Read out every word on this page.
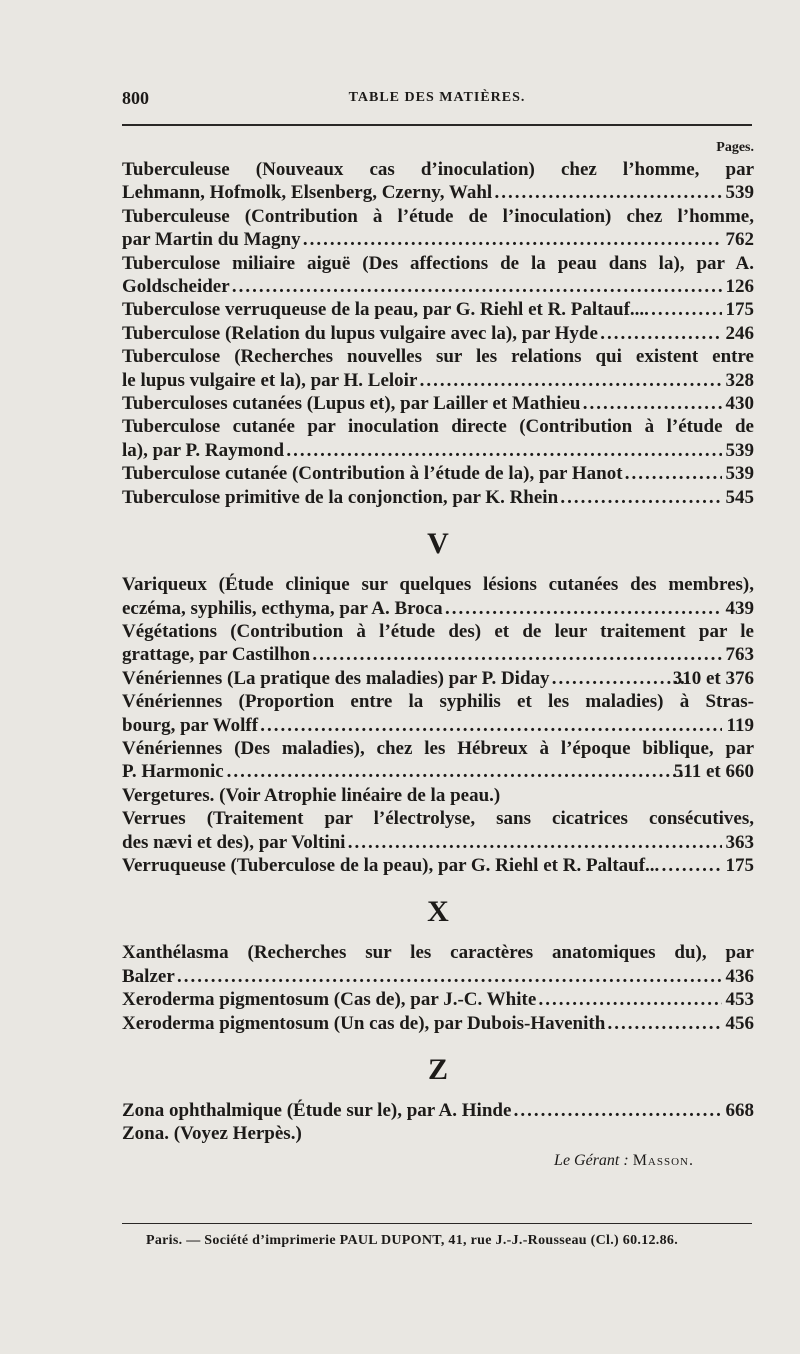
800	TABLE DES MATIÈRES.
Pages.
Tuberculeuse (Nouveaux cas d’inoculation) chez l’homme, par
Lehmann, Hofmolk, Elsenberg, Czerny, Wahl .....	539
Tuberculeuse (Contribution à l’étude de l’inoculation) chez l’homme,
par Martin du Magny .....	762
Tuberculose miliaire aiguë (Des affections de la peau dans la), par A.
Goldscheider .....	126
Tuberculose verruqueuse de la peau, par G. Riehl et R. Paltauf.... .....	175
Tuberculose (Relation du lupus vulgaire avec la), par Hyde .....	246
Tuberculose (Recherches nouvelles sur les relations qui existent entre
le lupus vulgaire et la), par H. Leloir .....	328
Tuberculoses cutanées (Lupus et), par Lailler et Mathieu .....	430
Tuberculose cutanée par inoculation directe (Contribution à l’étude de
la), par P. Raymond .....	539
Tuberculose cutanée (Contribution à l’étude de la), par Hanot .....	539
Tuberculose primitive de la conjonction, par K. Rhein .....	545
V
Variqueux (Étude clinique sur quelques lésions cutanées des membres),
eczéma, syphilis, ecthyma, par A. Broca .....	439
Végétations (Contribution à l’étude des) et de leur traitement par le
grattage, par Castilhon .....	763
Vénériennes (La pratique des maladies) par P. Diday .....	310 et 376
Vénériennes (Proportion entre la syphilis et les maladies) à Stras-
bourg, par Wolff .....	119
Vénériennes (Des maladies), chez les Hébreux à l’époque biblique, par
P. Harmonic .....	511 et 660
Vergetures. (Voir Atrophie linéaire de la peau.)
Verrues (Traitement par l’électrolyse, sans cicatrices consécutives,
des nævi et des), par Voltini .....	363
Verruqueuse (Tuberculose de la peau), par G. Riehl et R. Paltauf... .....	175
X
Xanthélasma (Recherches sur les caractères anatomiques du), par
Balzer .....	436
Xeroderma pigmentosum (Cas de), par J.-C. White .....	453
Xeroderma pigmentosum (Un cas de), par Dubois-Havenith .....	456
Z
Zona ophthalmique (Étude sur le), par A. Hinde .....	668
Zona. (Voyez Herpès.)
Le Gérant : Masson.
Paris. — Société d’imprimerie PAUL DUPONT, 41, rue J.-J.-Rousseau (Cl.) 60.12.86.
